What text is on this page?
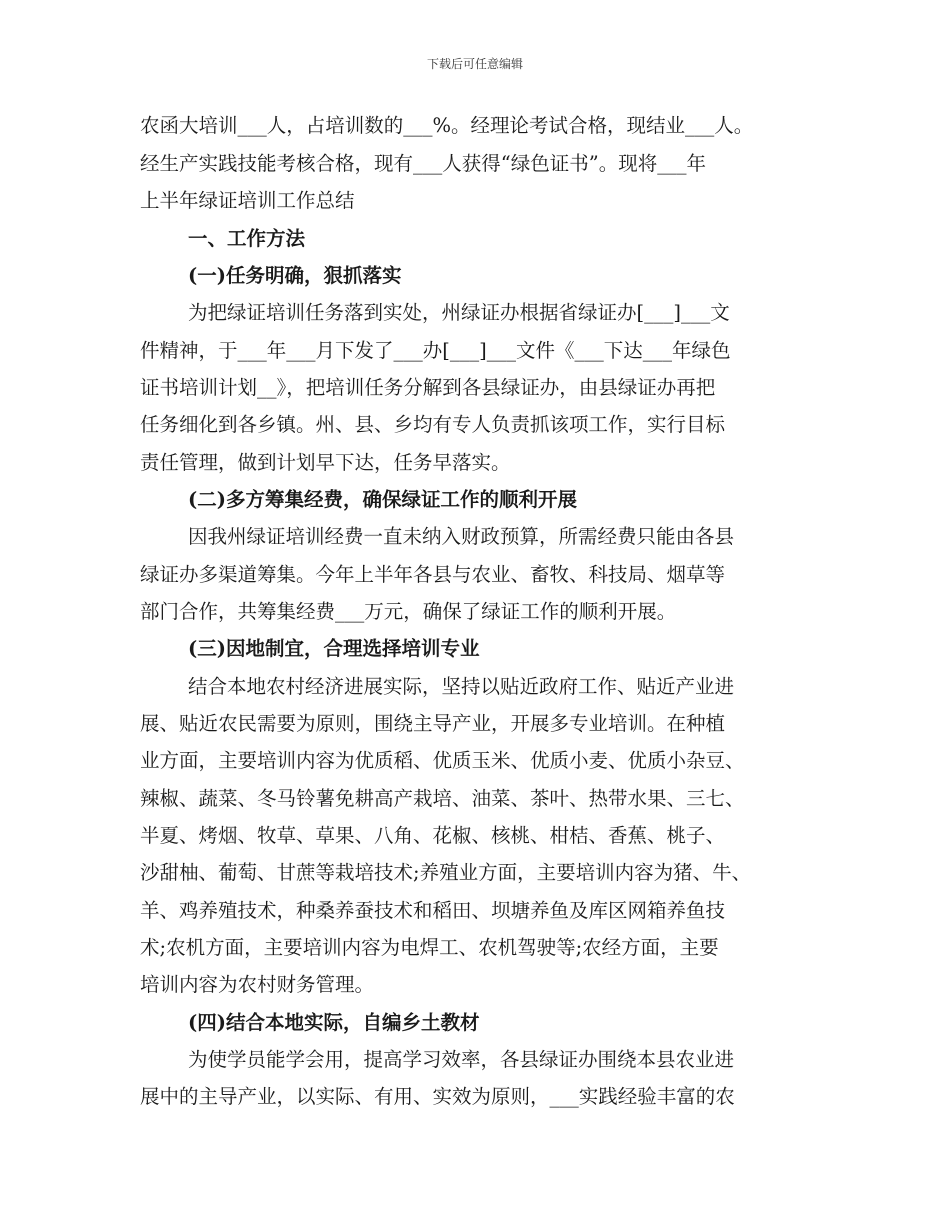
下载后可任意编辑
农函大培训___人，占培训数的___%。经理论考试合格，现结业___人。
经生产实践技能考核合格，现有___人获得“绿色证书”。现将___年
上半年绿证培训工作总结
一、工作方法
(一)任务明确，狠抓落实
为把绿证培训任务落到实处，州绿证办根据省绿证办[___]___文
件精神，于___年___月下发了___办[___]___文件《___下达___年绿色
证书培训计划__》，把培训任务分解到各县绿证办，由县绿证办再把
任务细化到各乡镇。州、县、乡均有专人负责抓该项工作，实行目标
责任管理，做到计划早下达，任务早落实。
(二)多方筹集经费，确保绿证工作的顺利开展
因我州绿证培训经费一直未纳入财政预算，所需经费只能由各县
绿证办多渠道筹集。今年上半年各县与农业、畜牧、科技局、烟草等
部门合作，共筹集经费___万元，确保了绿证工作的顺利开展。
(三)因地制宜，合理选择培训专业
结合本地农村经济进展实际，坚持以贴近政府工作、贴近产业进
展、贴近农民需要为原则，围绕主导产业，开展多专业培训。在种植
业方面，主要培训内容为优质稻、优质玉米、优质小麦、优质小杂豆、
辣椒、蔬菜、冬马铃薯免耕高产栽培、油菜、茶叶、热带水果、三七、
半夏、烤烟、牧草、草果、八角、花椒、核桃、柑桔、香蕉、桃子、
沙甜柚、葡萄、甘蔗等栽培技术;养殖业方面，主要培训内容为猪、牛、
羊、鸡养殖技术，种桑养蚕技术和稻田、坝塘养鱼及库区网箱养鱼技
术;农机方面，主要培训内容为电焊工、农机驾驶等;农经方面，主要
培训内容为农村财务管理。
(四)结合本地实际，自编乡土教材
为使学员能学会用，提高学习效率，各县绿证办围绕本县农业进
展中的主导产业，以实际、有用、实效为原则，___实践经验丰富的农
